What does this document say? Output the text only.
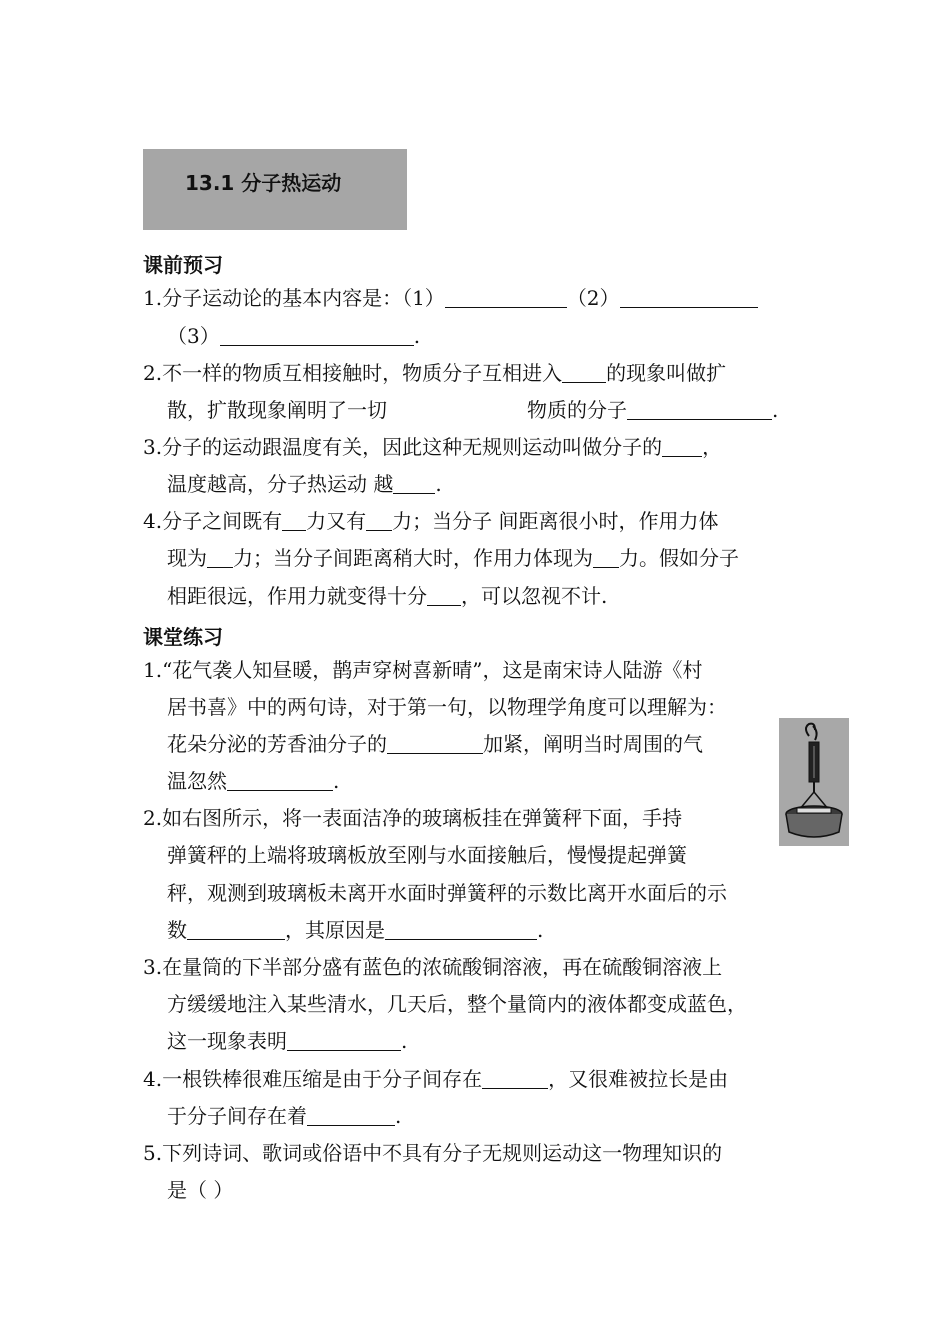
13.1 分子热运动
课前预习
1.分子运动论的基本内容是：（1）	（2）
（3）	.
2.不一样的物质互相接触时，物质分子互相进入 的现象叫做扩
散，扩散现象阐明了一切	物质的分子	.
3.分子的运动跟温度有关，因此这种无规则运动叫做分子的 ，
温度越高，分子热运动 越 .
4.分子之间既有 力又有 力；当分子 间距离很小时，作用力体
现为 力；当分子间距离稍大时，作用力体现为 力。假如分子
相距很远，作用力就变得十分 ，可以忽视不计.
课堂练习
1.“花气袭人知昼暖，鹊声穿树喜新晴”，这是南宋诗人陆游《村
居书喜》中的两句诗，对于第一句，以物理学角度可以理解为：
花朵分泌的芳香油分子的	加紧，阐明当时周围的气
温忽然	.
2.如右图所示，将一表面洁净的玻璃板挂在弹簧秤下面，手持
弹簧秤的上端将玻璃板放至刚与水面接触后，慢慢提起弹簧
秤，观测到玻璃板未离开水面时弹簧秤的示数比离开水面后的示
数	，其原因是	.
3.在量筒的下半部分盛有蓝色的浓硫酸铜溶液，再在硫酸铜溶液上
方缓缓地注入某些清水，几天后，整个量筒内的液体都变成蓝色，
这一现象表明	.
4.一根铁棒很难压缩是由于分子间存在	，又很难被拉长是由
于分子间存在着	.
5.下列诗词、歌词或俗语中不具有分子无规则运动这一物理知识的
是（ ）
